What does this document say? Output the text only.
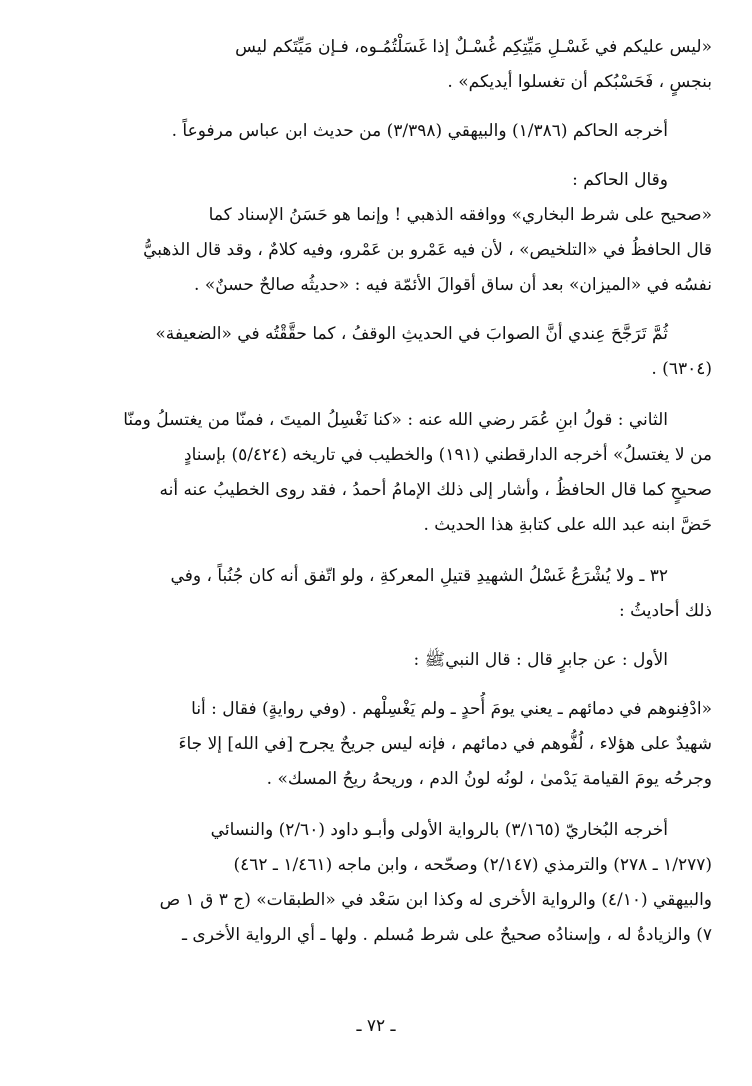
«ليس عليكم في غَسْـلِ مَيِّتِكِم غُسْـلٌ إذا غَسَلْتُمُـوه، فـإن مَيِّتَكم ليس
بنجسٍ ، فَحَسْبُكم أن تغسلوا أيديكم» .

أخرجه الحاكم (١/٣٨٦) والبيهقي (٣/٣٩٨) من حديث ابن عباس مرفوعاً .

وقال الحاكم :
«صحيح على شرط البخاري» ووافقه الذهبي ! وإنما هو حَسَنُ الإسناد كما
قال الحافظُ في «التلخيص» ، لأن فيه عَمْرو بن عَمْرو، وفيه كلامٌ ، وقد قال الذهبيُّ
نفسُه في «الميزان» بعد أن ساق أقوالَ الأئمّة فيه : «حديثُه صالحٌ حسنٌ» .

ثُمَّ تَرَجَّحَ عِندي أنَّ الصوابَ في الحديثِ الوقفُ ، كما حقَّقْتُه في «الضعيفة»
(٦٣٠٤) .

الثاني : قولُ ابنِ عُمَر رضي الله عنه : «كنا نَغْسِلُ الميتَ ، فمنّا من يغتسلُ ومنّا
من لا يغتسلُ» أخرجه الدارقطني (١٩١) والخطيب في تاريخه (٥/٤٢٤) بإسنادٍ
صحيحٍ كما قال الحافظُ ، وأشار إلى ذلك الإمامُ أحمدُ ، فقد روى الخطيبُ عنه أنه
حَضَّ ابنه عبد الله على كتابةِ هذا الحديث .

٣٢ ـ ولا يُشْرَعُ غَسْلُ الشهيدِ قتيلِ المعركةِ ، ولو اتّفق أنه كان جُنُباً ، وفي
ذلك أحاديثُ :

الأول : عن جابرٍ قال : قال النبيﷺ :

«ادْفِنوهم في دمائهم ـ يعني يومَ أُحدٍ ـ ولم يَغْسِلْهم . (وفي روايةٍ) فقال : أنا
شهيدٌ على هؤلاء ، لُفُّوهم في دمائهم ، فإنه ليس جريحٌ يجرح [في الله] إلا جاءَ
وجرحُه يومَ القيامة يَدْمىٰ ، لونُه لونُ الدم ، وريحهُ ريحُ المسك» .

أخرجه البُخاريّ (٣/١٦٥) بالرواية الأولى وأبـو داود (٢/٦٠) والنسائي
(١/٢٧٧ ـ ٢٧٨) والترمذي (٢/١٤٧) وصحّحه ، وابن ماجه (١/٤٦١ ـ ٤٦٢)
والبيهقي (٤/١٠) والرواية الأخرى له وكذا ابن سَعْد في «الطبقات» (ج ٣ ق ١ ص
٧) والزيادةُ له ، وإسنادُه صحيحٌ على شرط مُسلم . ولها ـ أي الرواية الأخرى ـ

ـ ٧٢ ـ
